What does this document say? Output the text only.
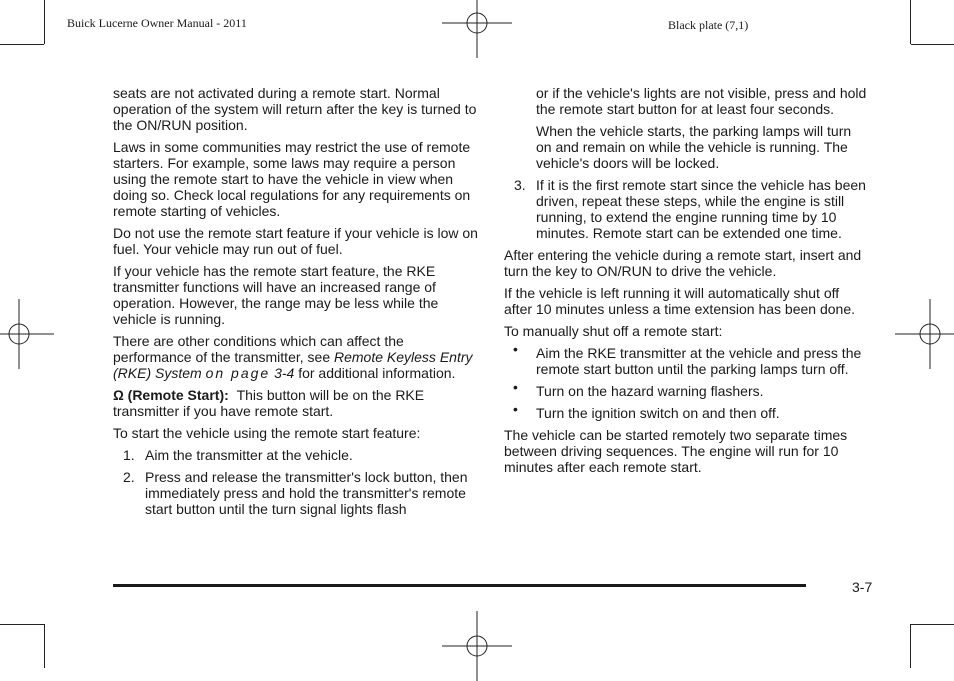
Buick Lucerne Owner Manual - 2011	Black plate (7,1)

seats are not activated during a remote start. Normal operation of the system will return after the key is turned to the ON/RUN position.

Laws in some communities may restrict the use of remote starters. For example, some laws may require a person using the remote start to have the vehicle in view when doing so. Check local regulations for any requirements on remote starting of vehicles.

Do not use the remote start feature if your vehicle is low on fuel. Your vehicle may run out of fuel.

If your vehicle has the remote start feature, the RKE transmitter functions will have an increased range of operation. However, the range may be less while the vehicle is running.

There are other conditions which can affect the performance of the transmitter, see Remote Keyless Entry (RKE) System on page 3-4 for additional information.

Ω (Remote Start): This button will be on the RKE transmitter if you have remote start.

To start the vehicle using the remote start feature:

1. Aim the transmitter at the vehicle.
2. Press and release the transmitter's lock button, then immediately press and hold the transmitter's remote start button until the turn signal lights flash

or if the vehicle's lights are not visible, press and hold the remote start button for at least four seconds.

When the vehicle starts, the parking lamps will turn on and remain on while the vehicle is running. The vehicle's doors will be locked.

3. If it is the first remote start since the vehicle has been driven, repeat these steps, while the engine is still running, to extend the engine running time by 10 minutes. Remote start can be extended one time.

After entering the vehicle during a remote start, insert and turn the key to ON/RUN to drive the vehicle.

If the vehicle is left running it will automatically shut off after 10 minutes unless a time extension has been done.

To manually shut off a remote start:

• Aim the RKE transmitter at the vehicle and press the remote start button until the parking lamps turn off.
• Turn on the hazard warning flashers.
• Turn the ignition switch on and then off.

The vehicle can be started remotely two separate times between driving sequences. The engine will run for 10 minutes after each remote start.

3-7
